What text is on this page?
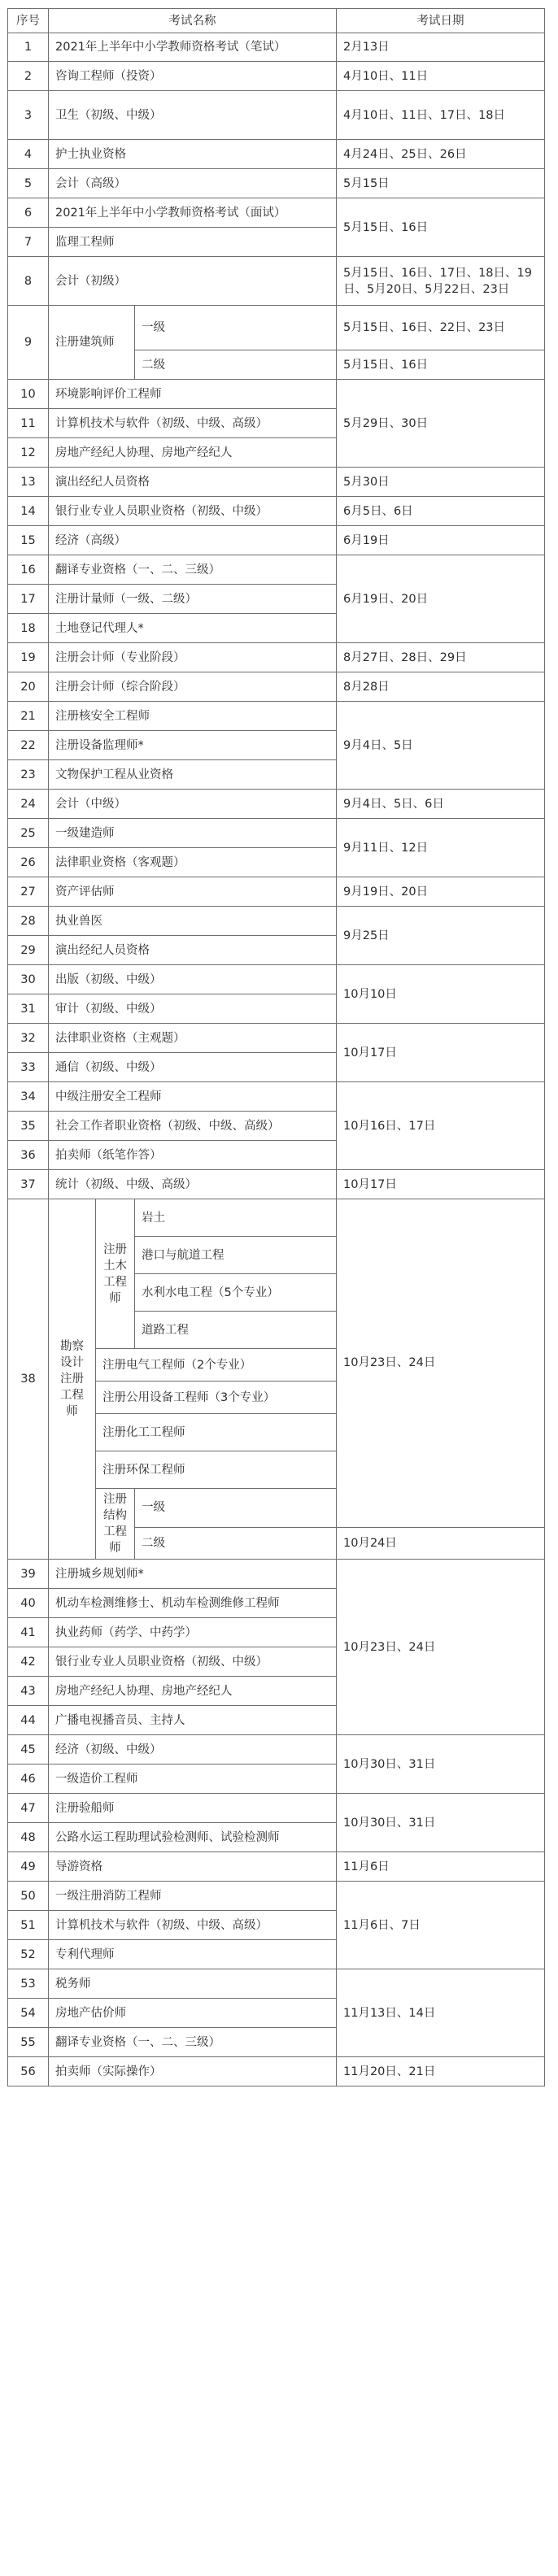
序号	考试名称			考试日期
1	2021年上半年中小学教师资格考试（笔试）			2月13日
2	咨询工程师（投资）			4月10日、11日
3	卫生（初级、中级）			4月10日、11日、17日、18日
4	护士执业资格			4月24日、25日、26日
5	会计（高级）			5月15日
6	2021年上半年中小学教师资格考试（面试）			5月15日、16日
7	监理工程师			
8	会计（初级）			5月15日、16日、17日、18日、19日、5月20日、5月22日、23日
9	注册建筑师		一级	5月15日、16日、22日、23日
			二级	5月15日、16日
10	环境影响评价工程师			5月29日、30日
11	计算机技术与软件（初级、中级、高级）			
12	房地产经纪人协理、房地产经纪人			
13	演出经纪人员资格			5月30日
14	银行业专业人员职业资格（初级、中级）			6月5日、6日
15	经济（高级）			6月19日
16	翻译专业资格（一、二、三级）			6月19日、20日
17	注册计量师（一级、二级）			
18	土地登记代理人*			
19	注册会计师（专业阶段）			8月27日、28日、29日
20	注册会计师（综合阶段）			8月28日
21	注册核安全工程师			9月4日、5日
22	注册设备监理师*			
23	文物保护工程从业资格			
24	会计（中级）			9月4日、5日、6日
25	一级建造师			9月11日、12日
26	法律职业资格（客观题）			
27	资产评估师			9月19日、20日
28	执业兽医			9月25日
29	演出经纪人员资格			
30	出版（初级、中级）			10月10日
31	审计（初级、中级）			
32	法律职业资格（主观题）			10月17日
33	通信（初级、中级）			
34	中级注册安全工程师			10月16日、17日
35	社会工作者职业资格（初级、中级、高级）			
36	拍卖师（纸笔作答）			
37	统计（初级、中级、高级）			10月17日
38	勘察设计注册工程师	注册土木工程师	岩土	10月23日、24日
			港口与航道工程	
			水利水电工程（5个专业）	
			道路工程	
		注册电气工程师（2个专业）		
		注册公用设备工程师（3个专业）		
		注册化工工程师		
		注册环保工程师		
		注册结构工程师	一级	
			二级	10月24日
39	注册城乡规划师*			10月23日、24日
40	机动车检测维修士、机动车检测维修工程师			
41	执业药师（药学、中药学）			
42	银行业专业人员职业资格（初级、中级）			
43	房地产经纪人协理、房地产经纪人			
44	广播电视播音员、主持人			
45	经济（初级、中级）			10月30日、31日
46	一级造价工程师			
47	注册验船师			10月30日、31日
48	公路水运工程助理试验检测师、试验检测师			
49	导游资格			11月6日
50	一级注册消防工程师			11月6日、7日
51	计算机技术与软件（初级、中级、高级）			
52	专利代理师			
53	税务师			11月13日、14日
54	房地产估价师			
55	翻译专业资格（一、二、三级）			
56	拍卖师（实际操作）			11月20日、21日
